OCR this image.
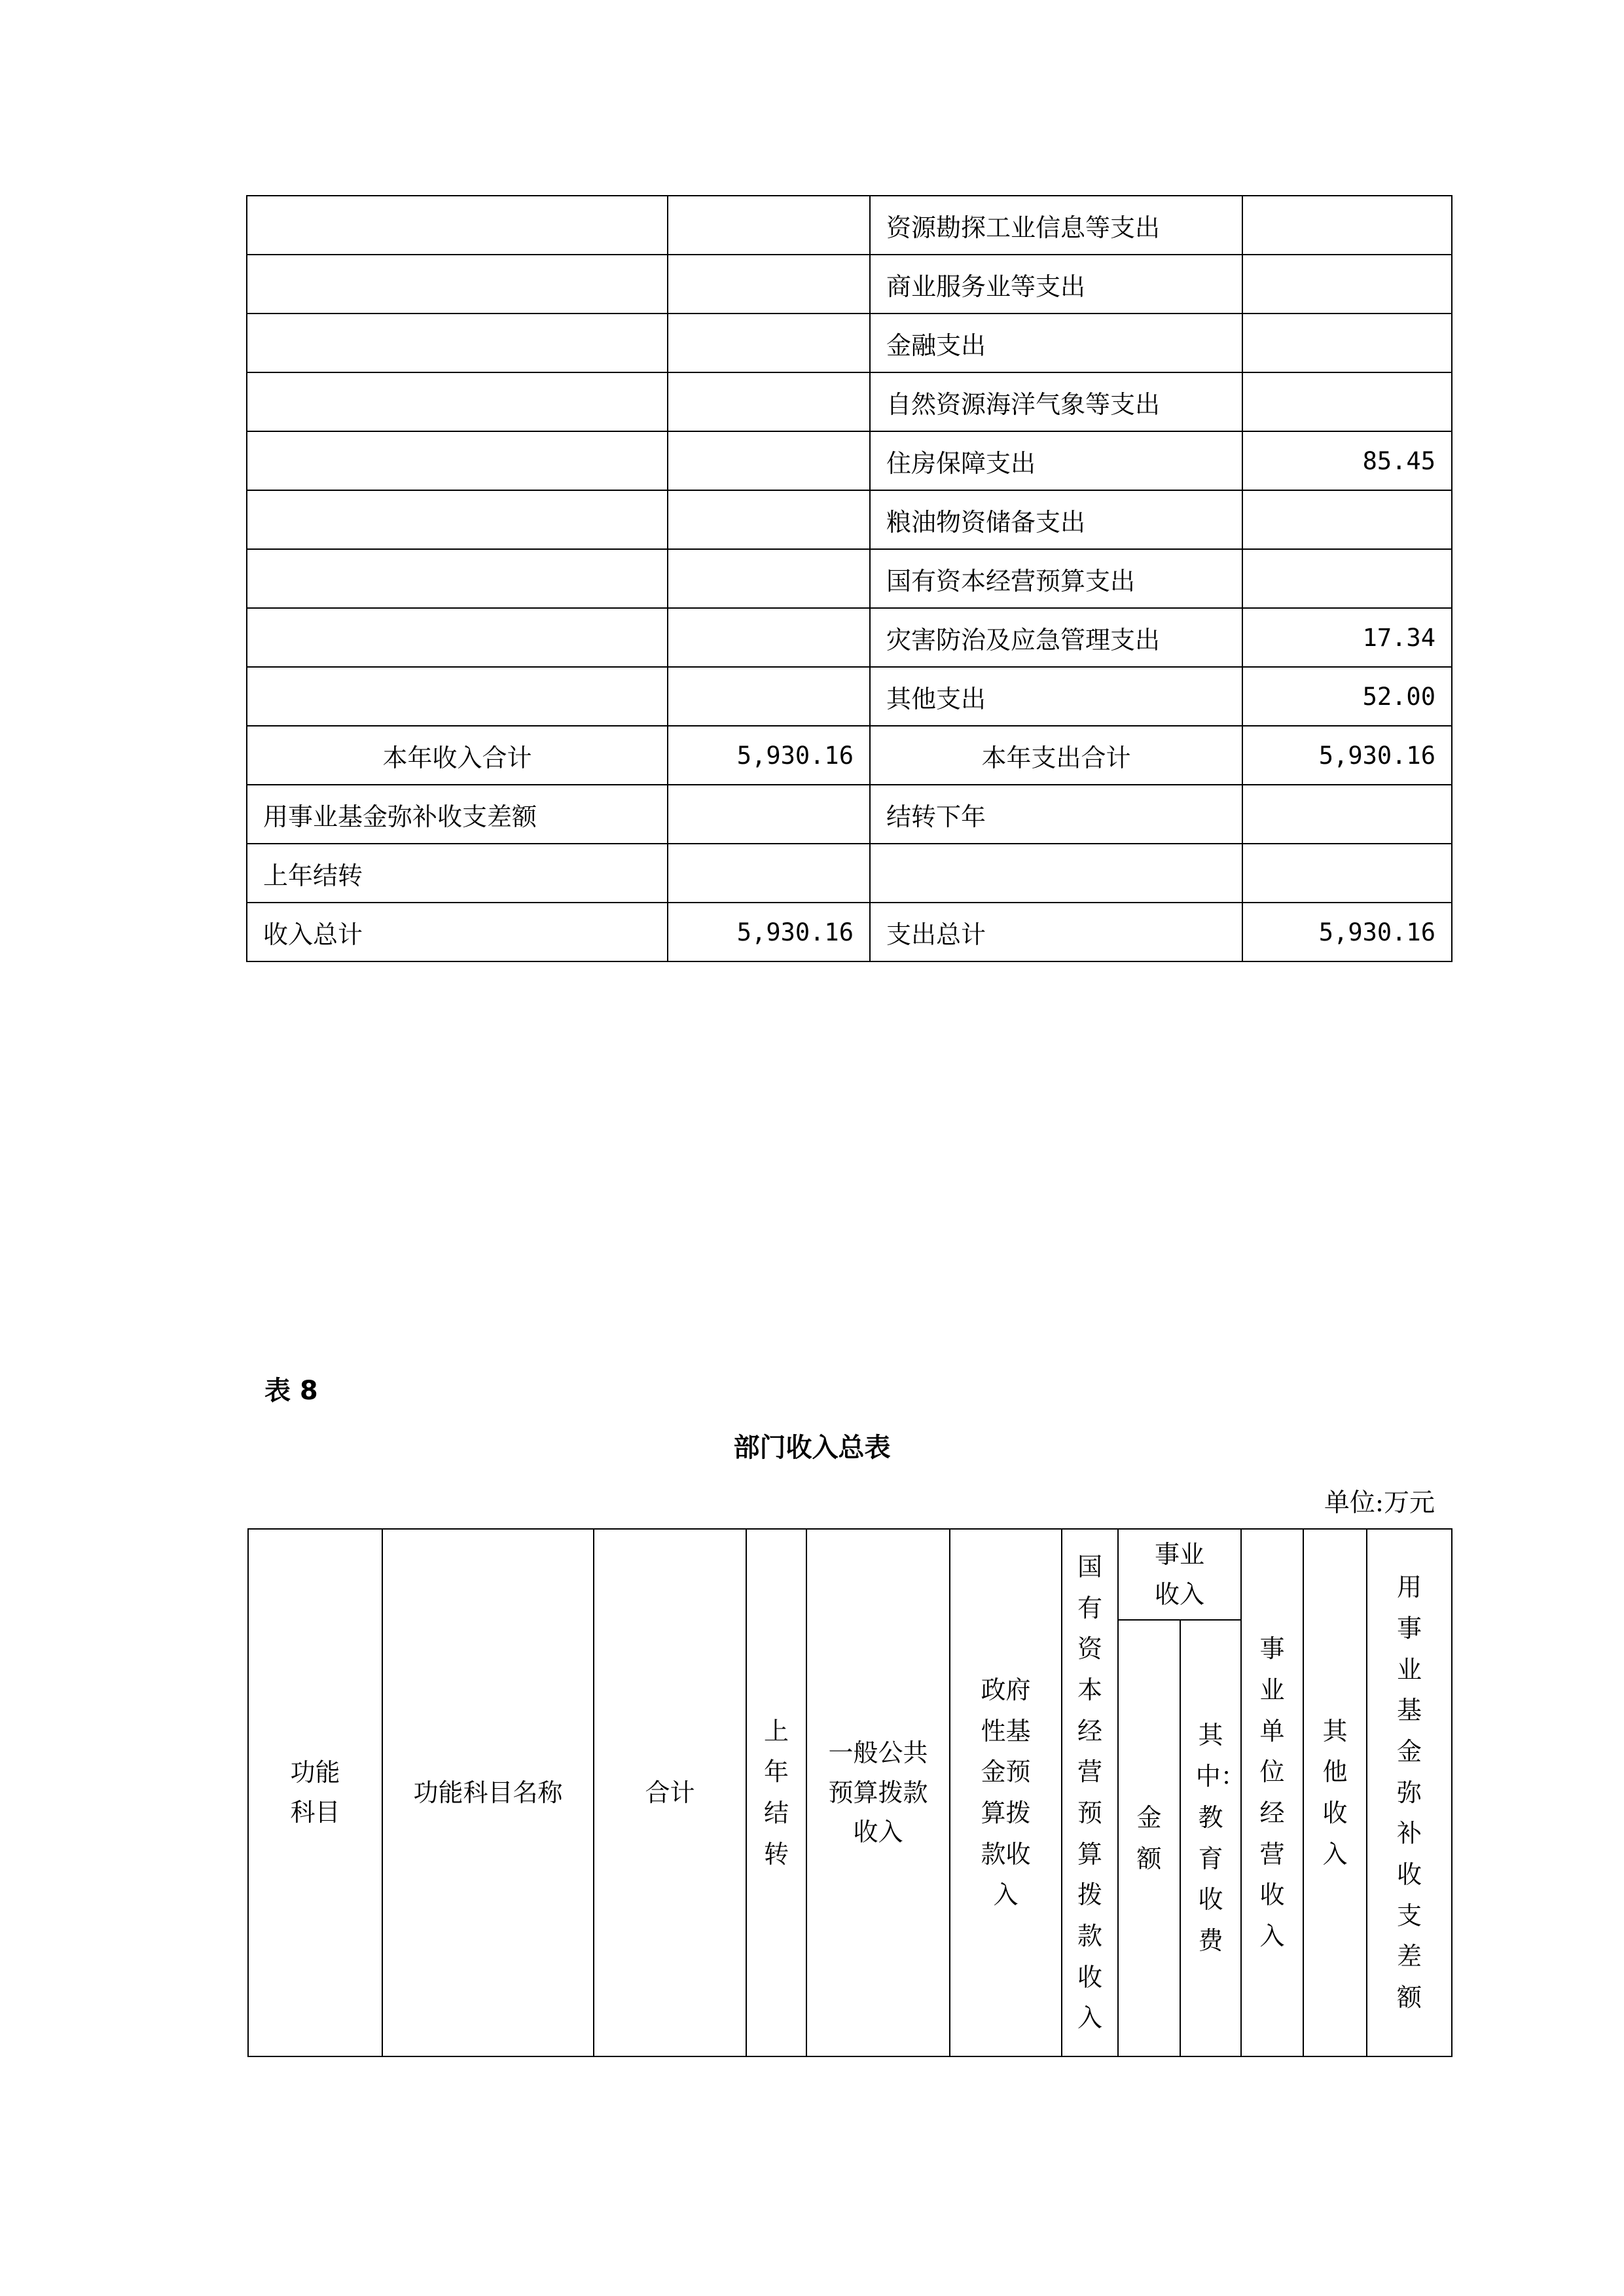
		资源勘探工业信息等支出	
		商业服务业等支出	
		金融支出	
		自然资源海洋气象等支出	
		住房保障支出	85.45
		粮油物资储备支出	
		国有资本经营预算支出	
		灾害防治及应急管理支出	17.34
		其他支出	52.00
本年收入合计	5,930.16	本年支出合计	5,930.16
用事业基金弥补收支差额		结转下年	
上年结转			
收入总计	5,930.16	支出总计	5,930.16
表 8
部门收入总表
单位:万元
功能科目	功能科目名称	合计	上年结转	一般公共预算拨款收入	政府性基金预算拨款收入	国有资本经营预算拨款收入	事业收入		事业单位经营收入	其他收入	用事业基金弥补收支差额
							金额	其中：教育收费			
